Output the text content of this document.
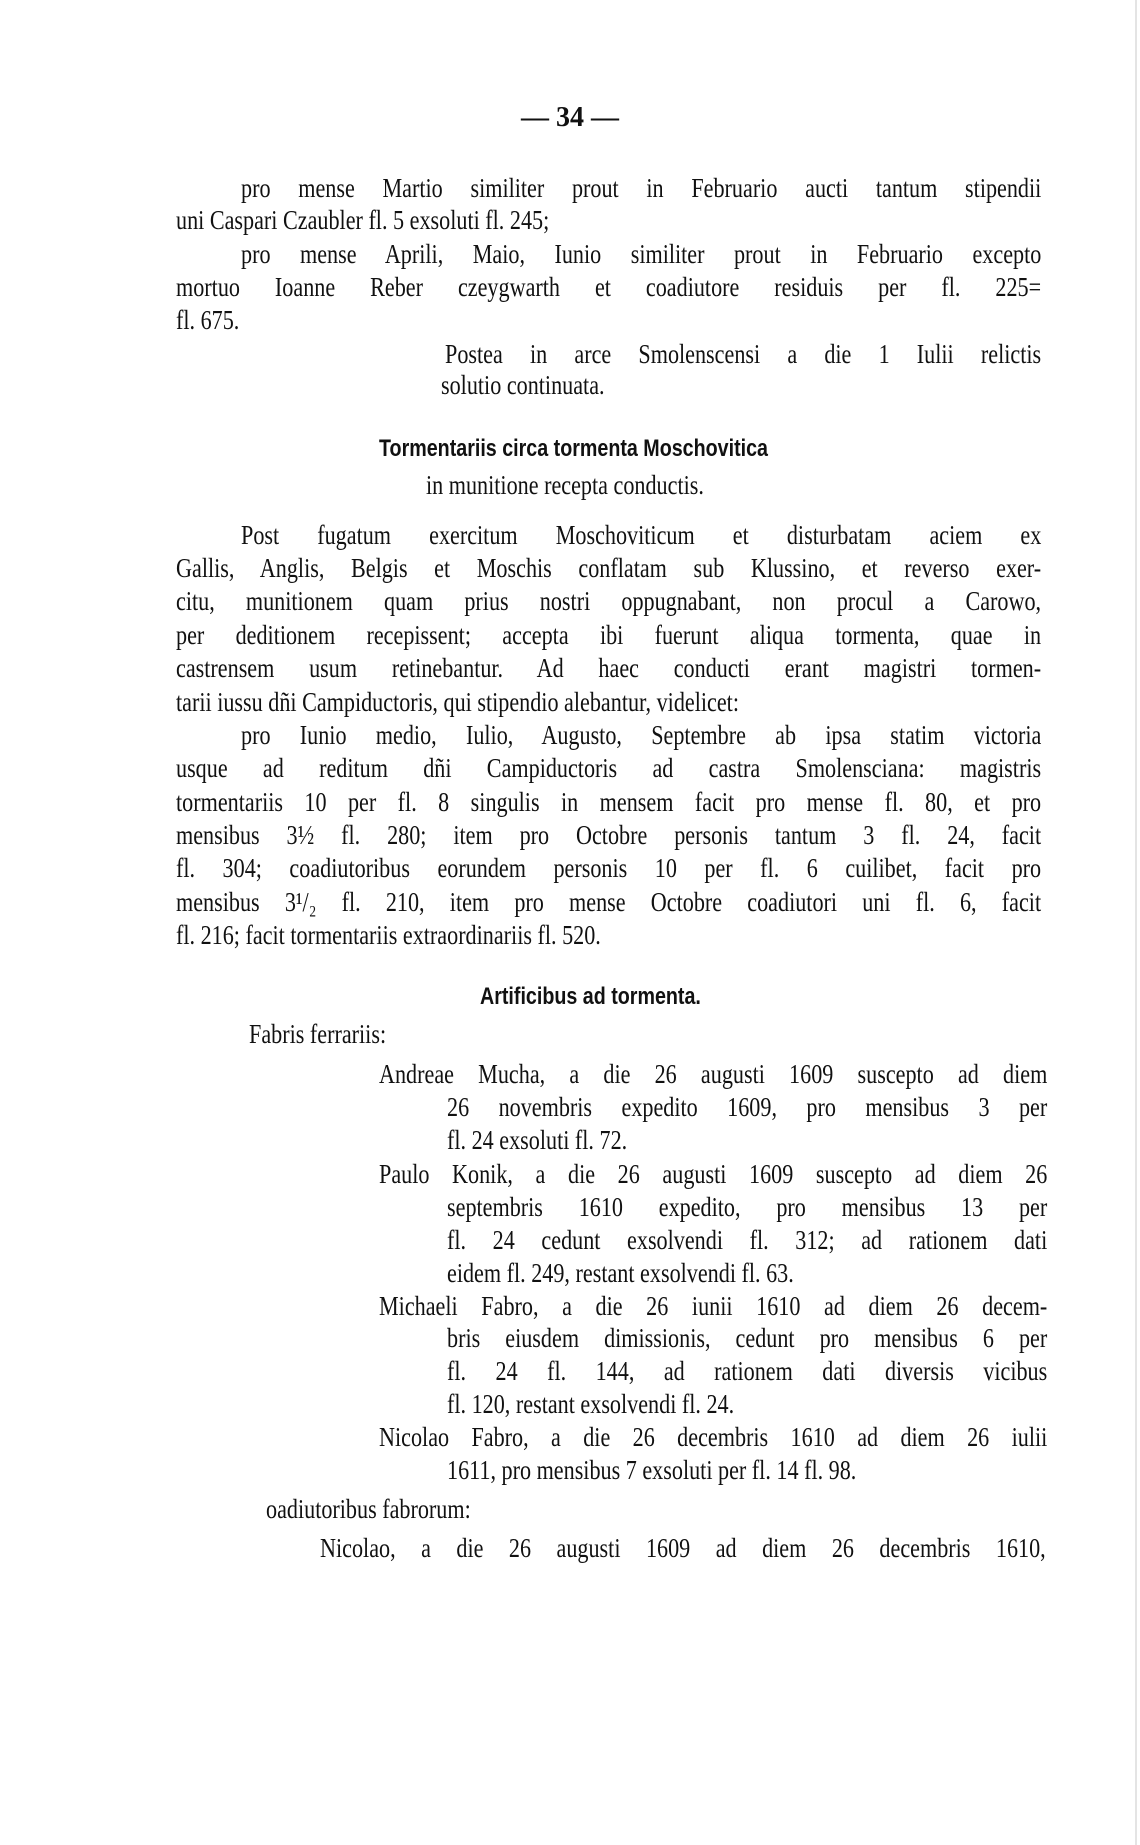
— 34 —
pro mense Martio similiter prout in Februario aucti tantum stipendii
uni Caspari Czaubler fl. 5 exsoluti fl. 245;
pro mense Aprili, Maio, Iunio similiter prout in Februario excepto
mortuo Ioanne Reber czeygwarth et coadiutore residuis per fl. 225=
fl. 675.
Postea in arce Smolenscensi a die 1 Iulii relictis
solutio continuata.
Tormentariis circa tormenta Moschovitica
in munitione recepta conductis.
Post fugatum exercitum Moschoviticum et disturbatam aciem ex
Gallis, Anglis, Belgis et Moschis conflatam sub Klussino, et reverso exer-
citu, munitionem quam prius nostri oppugnabant, non procul a Carowo,
per deditionem recepissent; accepta ibi fuerunt aliqua tormenta, quae in
castrensem usum retinebantur. Ad haec conducti erant magistri tormen-
tarii iussu dñi Campiductoris, qui stipendio alebantur, videlicet:
pro Iunio medio, Iulio, Augusto, Septembre ab ipsa statim victoria
usque ad reditum dñi Campiductoris ad castra Smolensciana: magistris
tormentariis 10 per fl. 8 singulis in mensem facit pro mense fl. 80, et pro
mensibus 3½ fl. 280; item pro Octobre personis tantum 3 fl. 24, facit
fl. 304; coadiutoribus eorundem personis 10 per fl. 6 cuilibet, facit pro
mensibus 3¹/₂ fl. 210, item pro mense Octobre coadiutori uni fl. 6, facit
fl. 216; facit tormentariis extraordinariis fl. 520.
Artificibus ad tormenta.
Fabris ferrariis:
Andreae Mucha, a die 26 augusti 1609 suscepto ad diem
26 novembris expedito 1609, pro mensibus 3 per
fl. 24 exsoluti fl. 72.
Paulo Konik, a die 26 augusti 1609 suscepto ad diem 26
septembris 1610 expedito, pro mensibus 13 per
fl. 24 cedunt exsolvendi fl. 312; ad rationem dati
eidem fl. 249, restant exsolvendi fl. 63.
Michaeli Fabro, a die 26 iunii 1610 ad diem 26 decem-
bris eiusdem dimissionis, cedunt pro mensibus 6 per
fl. 24 fl. 144, ad rationem dati diversis vicibus
fl. 120, restant exsolvendi fl. 24.
Nicolao Fabro, a die 26 decembris 1610 ad diem 26 iulii
1611, pro mensibus 7 exsoluti per fl. 14 fl. 98.
oadiutoribus fabrorum:
Nicolao, a die 26 augusti 1609 ad diem 26 decembris 1610,
